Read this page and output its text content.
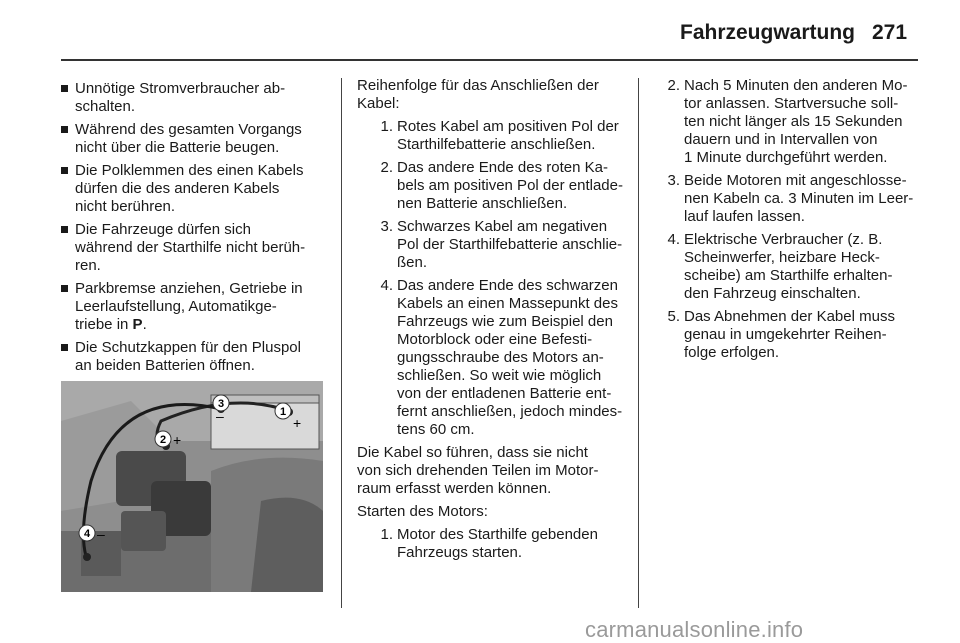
Fahrzeugwartung 271

Unnötige Stromverbraucher ab-
schalten.

Während des gesamten Vorgangs
nicht über die Batterie beugen.

Die Polklemmen des einen Kabels
dürfen die des anderen Kabels
nicht berühren.

Die Fahrzeuge dürfen sich
während der Starthilfe nicht berüh-
ren.

Parkbremse anziehen, Getriebe in
Leerlaufstellung, Automatikge-
triebe in P.

Die Schutzkappen für den Pluspol
an beiden Batterien öffnen.

1
+
2 +
3
–
4 –

Reihenfolge für das Anschließen der
Kabel:

1. Rotes Kabel am positiven Pol der
Starthilfebatterie anschließen.

2. Das andere Ende des roten Ka-
bels am positiven Pol der entlade-
nen Batterie anschließen.

3. Schwarzes Kabel am negativen
Pol der Starthilfebatterie anschlie-
ßen.

4. Das andere Ende des schwarzen
Kabels an einen Massepunkt des
Fahrzeugs wie zum Beispiel den
Motorblock oder eine Befesti-
gungsschraube des Motors an-
schließen. So weit wie möglich
von der entladenen Batterie ent-
fernt anschließen, jedoch mindes-
tens 60 cm.

Die Kabel so führen, dass sie nicht
von sich drehenden Teilen im Motor-
raum erfasst werden können.

Starten des Motors:

1. Motor des Starthilfe gebenden
Fahrzeugs starten.

2. Nach 5 Minuten den anderen Mo-
tor anlassen. Startversuche soll-
ten nicht länger als 15 Sekunden
dauern und in Intervallen von
1 Minute durchgeführt werden.

3. Beide Motoren mit angeschlosse-
nen Kabeln ca. 3 Minuten im Leer-
lauf laufen lassen.

4. Elektrische Verbraucher (z. B.
Scheinwerfer, heizbare Heck-
scheibe) am Starthilfe erhalten-
den Fahrzeug einschalten.

5. Das Abnehmen der Kabel muss
genau in umgekehrter Reihen-
folge erfolgen.

carmanualsonline.info
